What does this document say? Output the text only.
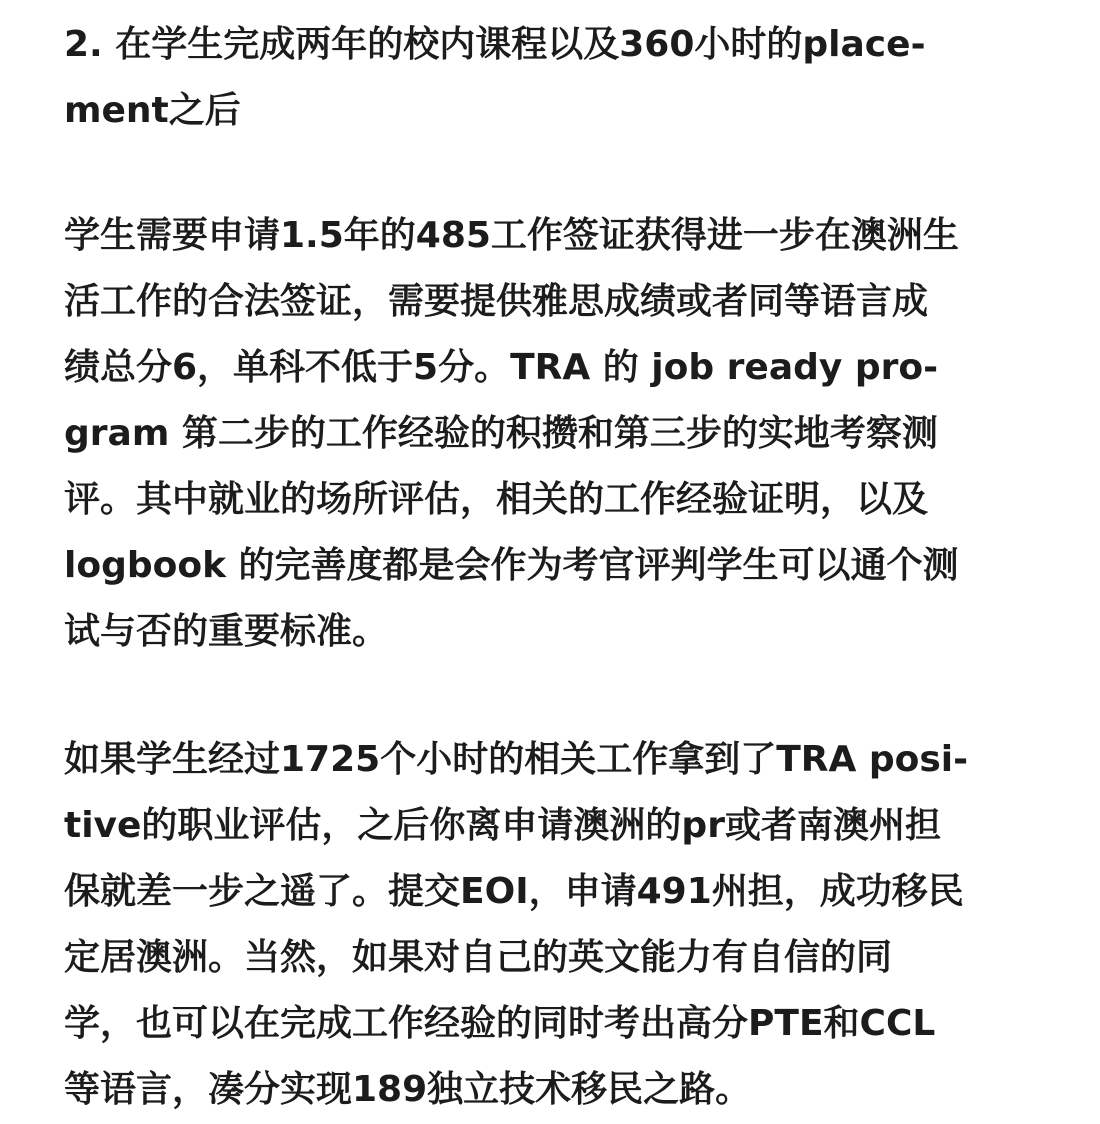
2. 在学生完成两年的校内课程以及360小时的place-
ment之后

学生需要申请1.5年的485工作签证获得进一步在澳洲生
活工作的合法签证，需要提供雅思成绩或者同等语言成
绩总分6，单科不低于5分。TRA 的 job ready pro-
gram 第二步的工作经验的积攒和第三步的实地考察测
评。其中就业的场所评估，相关的工作经验证明，以及
logbook 的完善度都是会作为考官评判学生可以通个测
试与否的重要标准。

如果学生经过1725个小时的相关工作拿到了TRA posi-
tive的职业评估，之后你离申请澳洲的pr或者南澳州担
保就差一步之遥了。提交EOI，申请491州担，成功移民
定居澳洲。当然，如果对自己的英文能力有自信的同
学，也可以在完成工作经验的同时考出高分PTE和CCL
等语言，凑分实现189独立技术移民之路。
